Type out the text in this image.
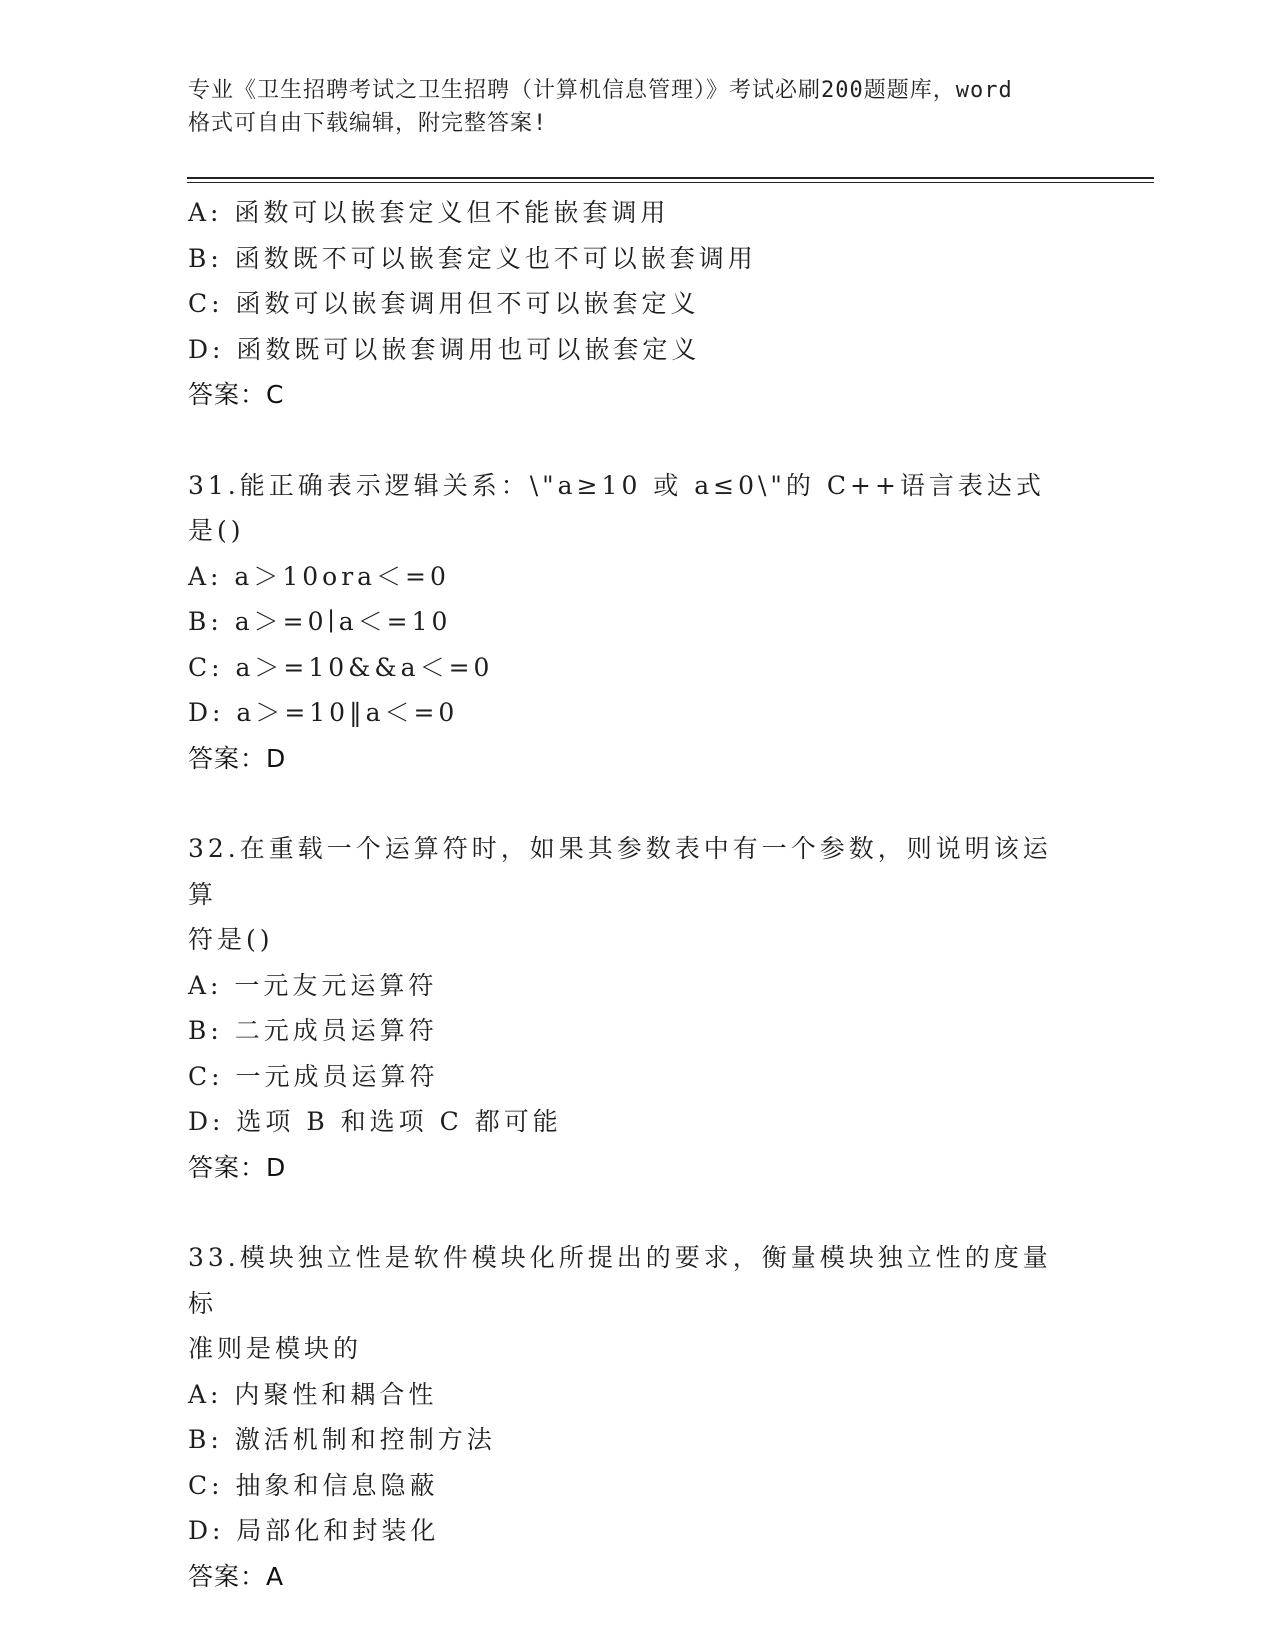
专业《卫生招聘考试之卫生招聘（计算机信息管理）》考试必刷200题题库，word
格式可自由下载编辑，附完整答案!
A: 函数可以嵌套定义但不能嵌套调用
B: 函数既不可以嵌套定义也不可以嵌套调用
C: 函数可以嵌套调用但不可以嵌套定义
D: 函数既可以嵌套调用也可以嵌套定义
答案：C
31.能正确表示逻辑关系：\"a≥10 或 a≤0\"的 C++语言表达式是()
A: a＞10ora＜=0
B: a＞=0∣a＜=10
C: a＞=10&&a＜=0
D: a＞=10‖a＜=0
答案：D
32.在重载一个运算符时，如果其参数表中有一个参数，则说明该运算
符是()
A: 一元友元运算符
B: 二元成员运算符
C: 一元成员运算符
D: 选项 B 和选项 C 都可能
答案：D
33.模块独立性是软件模块化所提出的要求，衡量模块独立性的度量标
准则是模块的
A: 内聚性和耦合性
B: 激活机制和控制方法
C: 抽象和信息隐蔽
D: 局部化和封装化
答案：A
